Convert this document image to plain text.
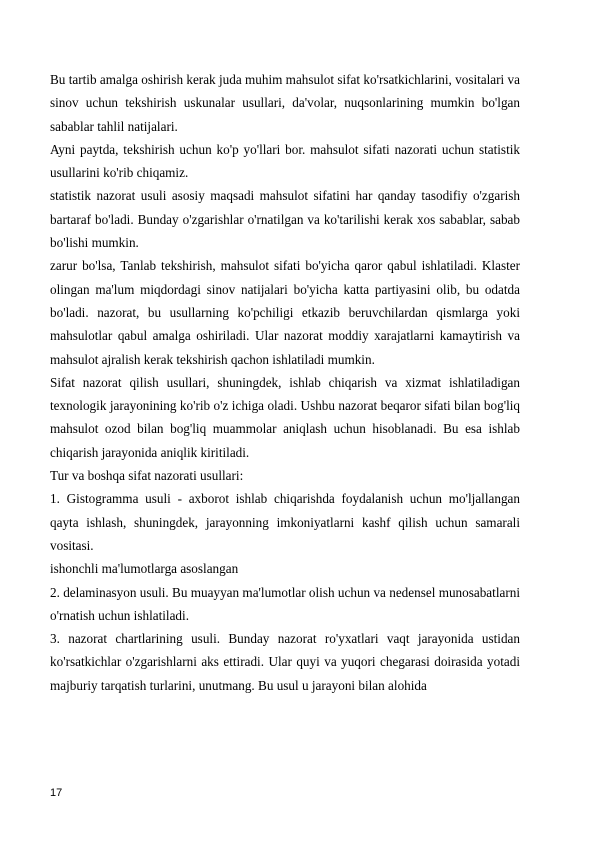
Bu tartib amalga oshirish kerak juda muhim mahsulot sifat ko'rsatkichlarini, vositalari va sinov uchun tekshirish uskunalar usullari, da'volar, nuqsonlarining mumkin bo'lgan sabablar tahlil natijalari.

Ayni paytda, tekshirish uchun ko'p yo'llari bor. mahsulot sifati nazorati uchun statistik usullarini ko'rib chiqamiz.

statistik nazorat usuli asosiy maqsadi mahsulot sifatini har qanday tasodifiy o'zgarish bartaraf bo'ladi. Bunday o'zgarishlar o'rnatilgan va ko'tarilishi kerak xos sabablar, sabab bo'lishi mumkin.

zarur bo'lsa, Tanlab tekshirish, mahsulot sifati bo'yicha qaror qabul ishlatiladi. Klaster olingan ma'lum miqdordagi sinov natijalari bo'yicha katta partiyasini olib, bu odatda bo'ladi. nazorat, bu usullarning ko'pchiligi etkazib beruvchilardan qismlarga yoki mahsulotlar qabul amalga oshiriladi. Ular nazorat moddiy xarajatlarni kamaytirish va mahsulot ajralish kerak tekshirish qachon ishlatiladi mumkin.

Sifat nazorat qilish usullari, shuningdek, ishlab chiqarish va xizmat ishlatiladigan texnologik jarayonining ko'rib o'z ichiga oladi. Ushbu nazorat beqaror sifati bilan bog'liq mahsulot ozod bilan bog'liq muammolar aniqlash uchun hisoblanadi. Bu esa ishlab chiqarish jarayonida aniqlik kiritiladi.

Tur va boshqa sifat nazorati usullari:

1. Gistogramma usuli - axborot ishlab chiqarishda foydalanish uchun mo'ljallangan qayta ishlash, shuningdek, jarayonning imkoniyatlarni kashf qilish uchun samarali vositasi.

ishonchli ma'lumotlarga asoslangan

2. delaminasyon usuli. Bu muayyan ma'lumotlar olish uchun va nedensel munosabatlarni o'rnatish uchun ishlatiladi.

3. nazorat chartlarining usuli. Bunday nazorat ro'yxatlari vaqt jarayonida ustidan ko'rsatkichlar o'zgarishlarni aks ettiradi. Ular quyi va yuqori chegarasi doirasida yotadi majburiy tarqatish turlarini, unutmang. Bu usul u jarayoni bilan alohida

17
